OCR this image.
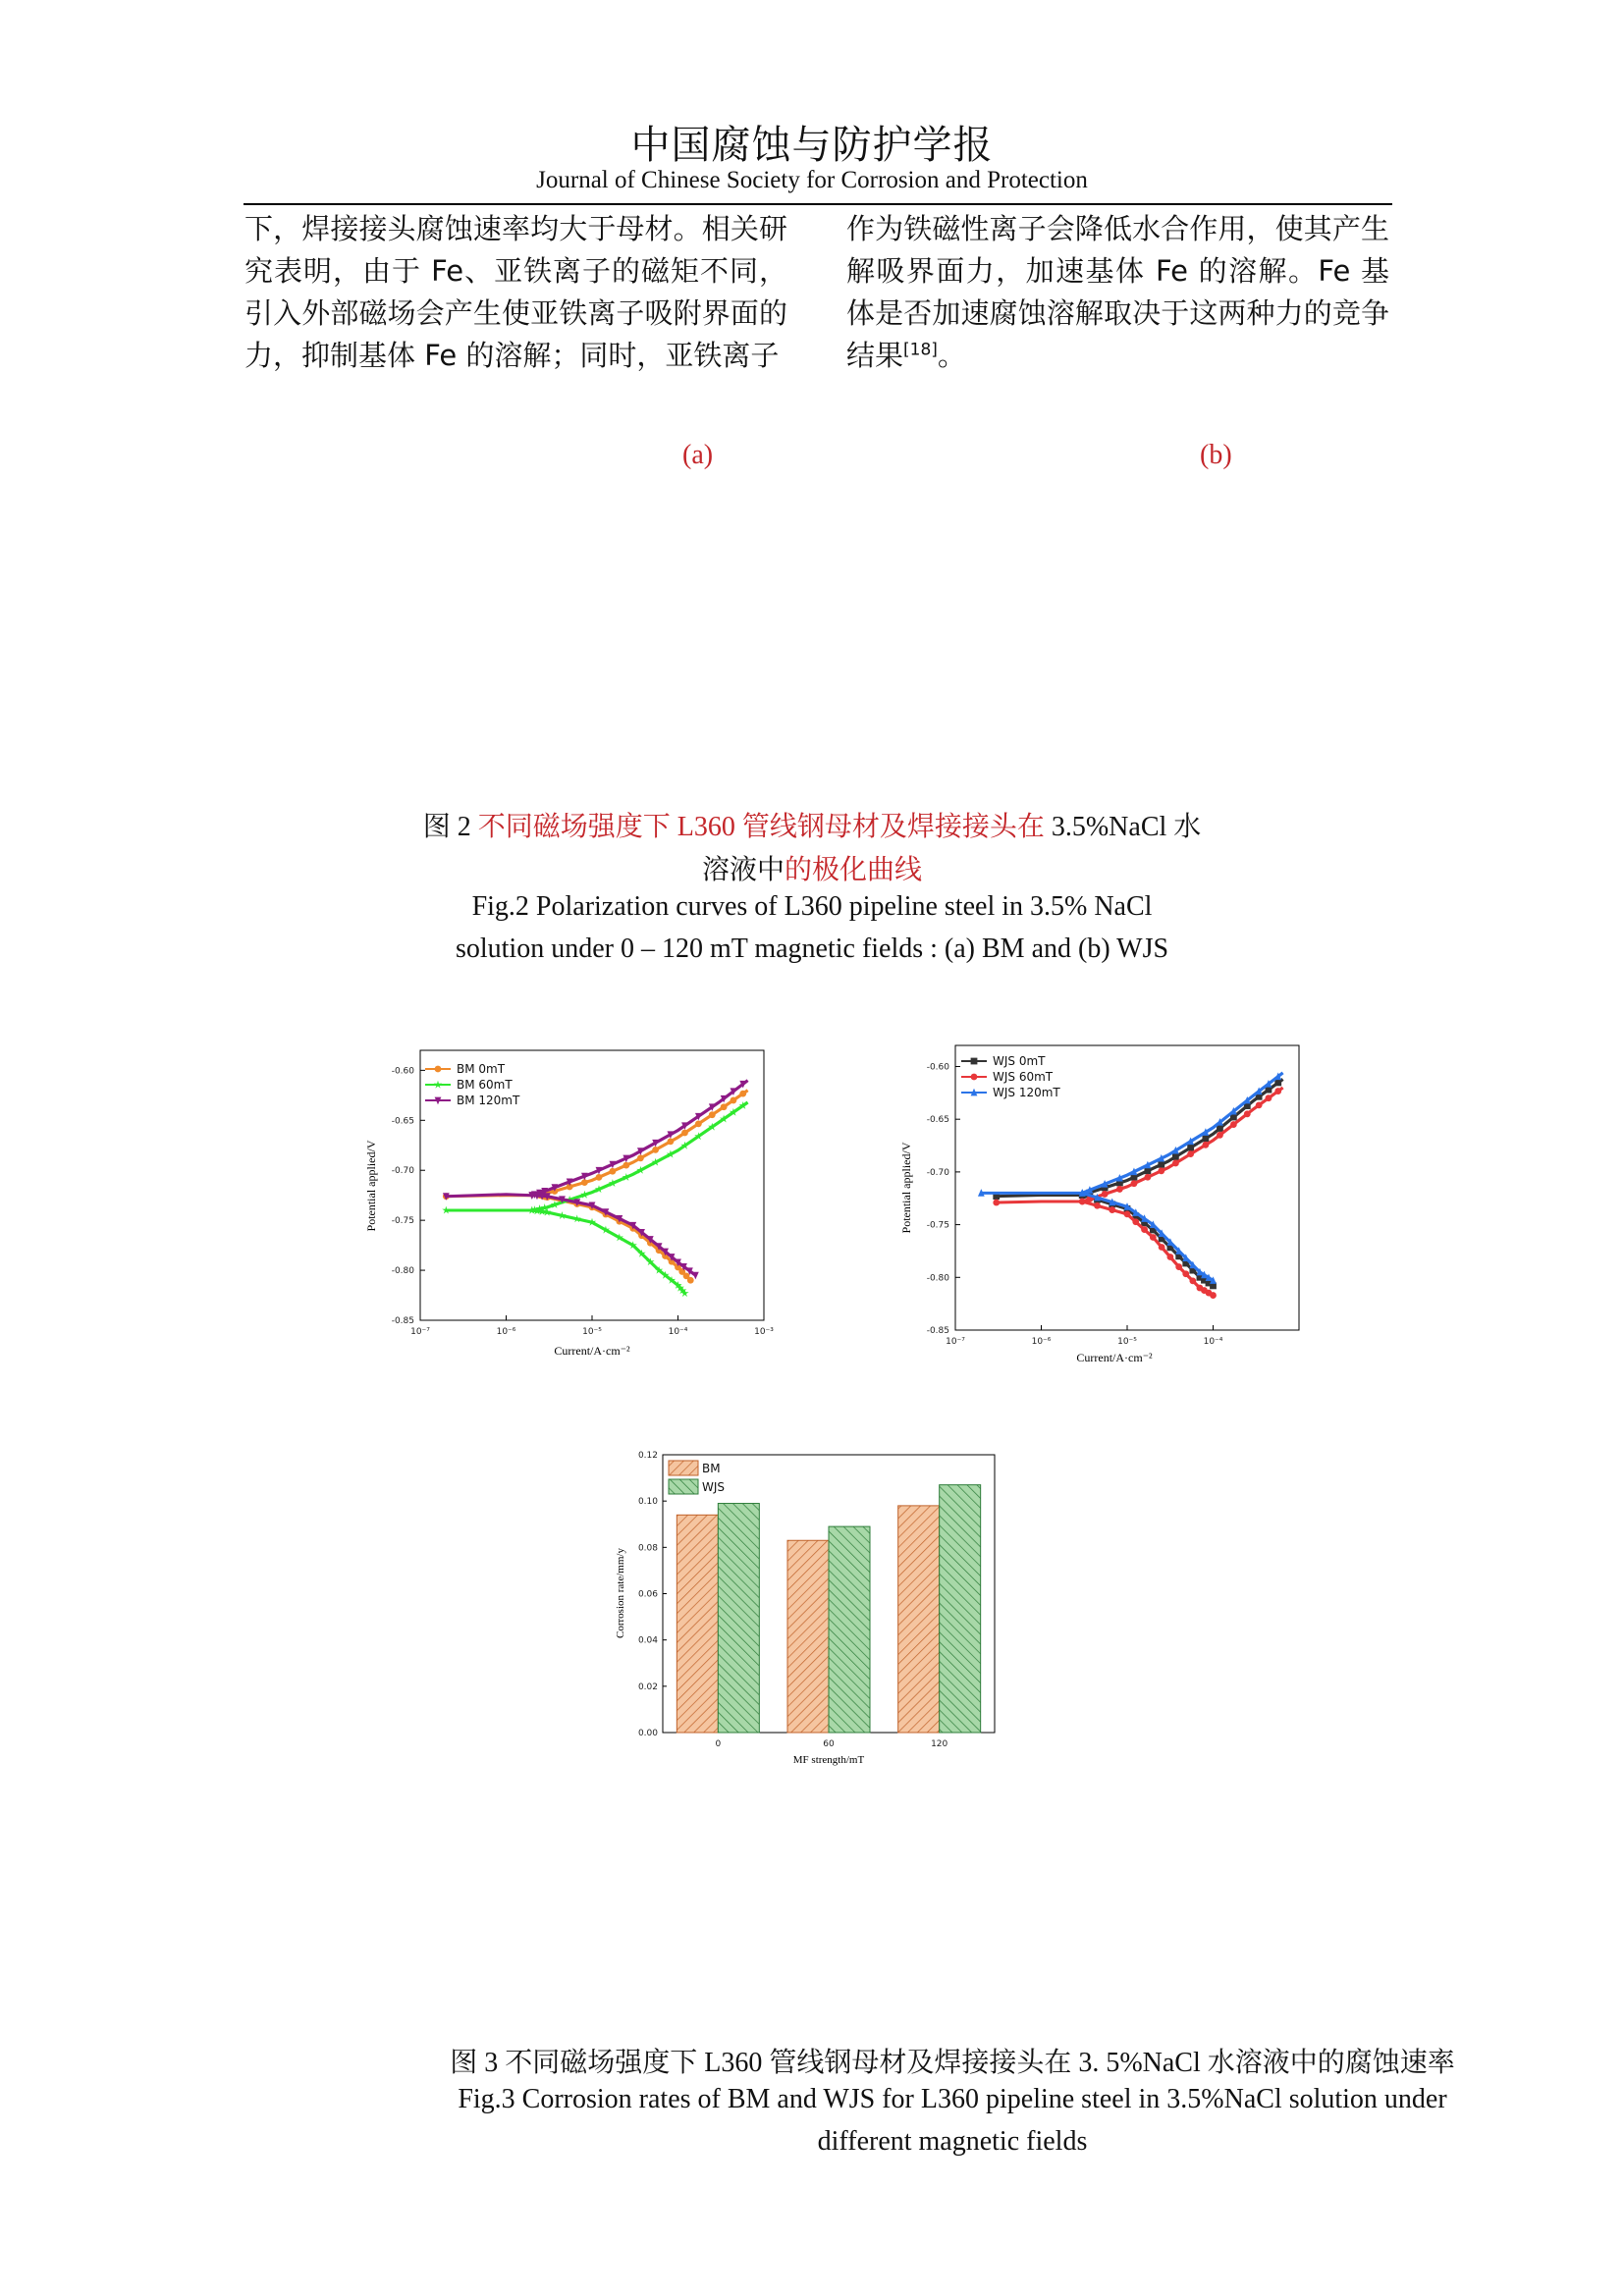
中国腐蚀与防护学报
Journal of Chinese Society for Corrosion and Protection
下，焊接接头腐蚀速率均大于母材。相关研究表明，由于 Fe、亚铁离子的磁矩不同，引入外部磁场会产生使亚铁离子吸附界面的力，抑制基体 Fe 的溶解；同时，亚铁离子
作为铁磁性离子会降低水合作用，使其产生解吸界面力，加速基体 Fe 的溶解。Fe 基体是否加速腐蚀溶解取决于这两种力的竞争结果[18]。
(a)	(b)
图 2 不同磁场强度下 L360 管线钢母材及焊接接头在 3.5%NaCl 水
溶液中的极化曲线
Fig.2 Polarization curves of L360 pipeline steel in 3.5% NaCl
solution under 0 – 120 mT magnetic fields : (a) BM and (b) WJS
-0.85
-0.80
-0.75
-0.70
-0.65
-0.60
10⁻⁷	10⁻⁶	10⁻⁵	10⁻⁴	10⁻³
BM 0mT
BM 60mT
BM 120mT
Potential applied/V
Current/A·cm⁻²
-0.85
-0.80
-0.75
-0.70
-0.65
-0.60
10⁻⁷	10⁻⁶	10⁻⁵	10⁻⁴
WJS 0mT
WJS 60mT
WJS 120mT
Potential applied/V
Current/A·cm⁻²
0.00
0.02
0.04
0.06
0.08
0.10
0.12
0	60	120
BM
WJS
Corrosion rate/mm/y
MF strength/mT
图 3 不同磁场强度下 L360 管线钢母材及焊接接头在 3. 5%NaCl 水溶液中的腐蚀速率
Fig.3 Corrosion rates of BM and WJS for L360 pipeline steel in 3.5%NaCl solution under
different magnetic fields
